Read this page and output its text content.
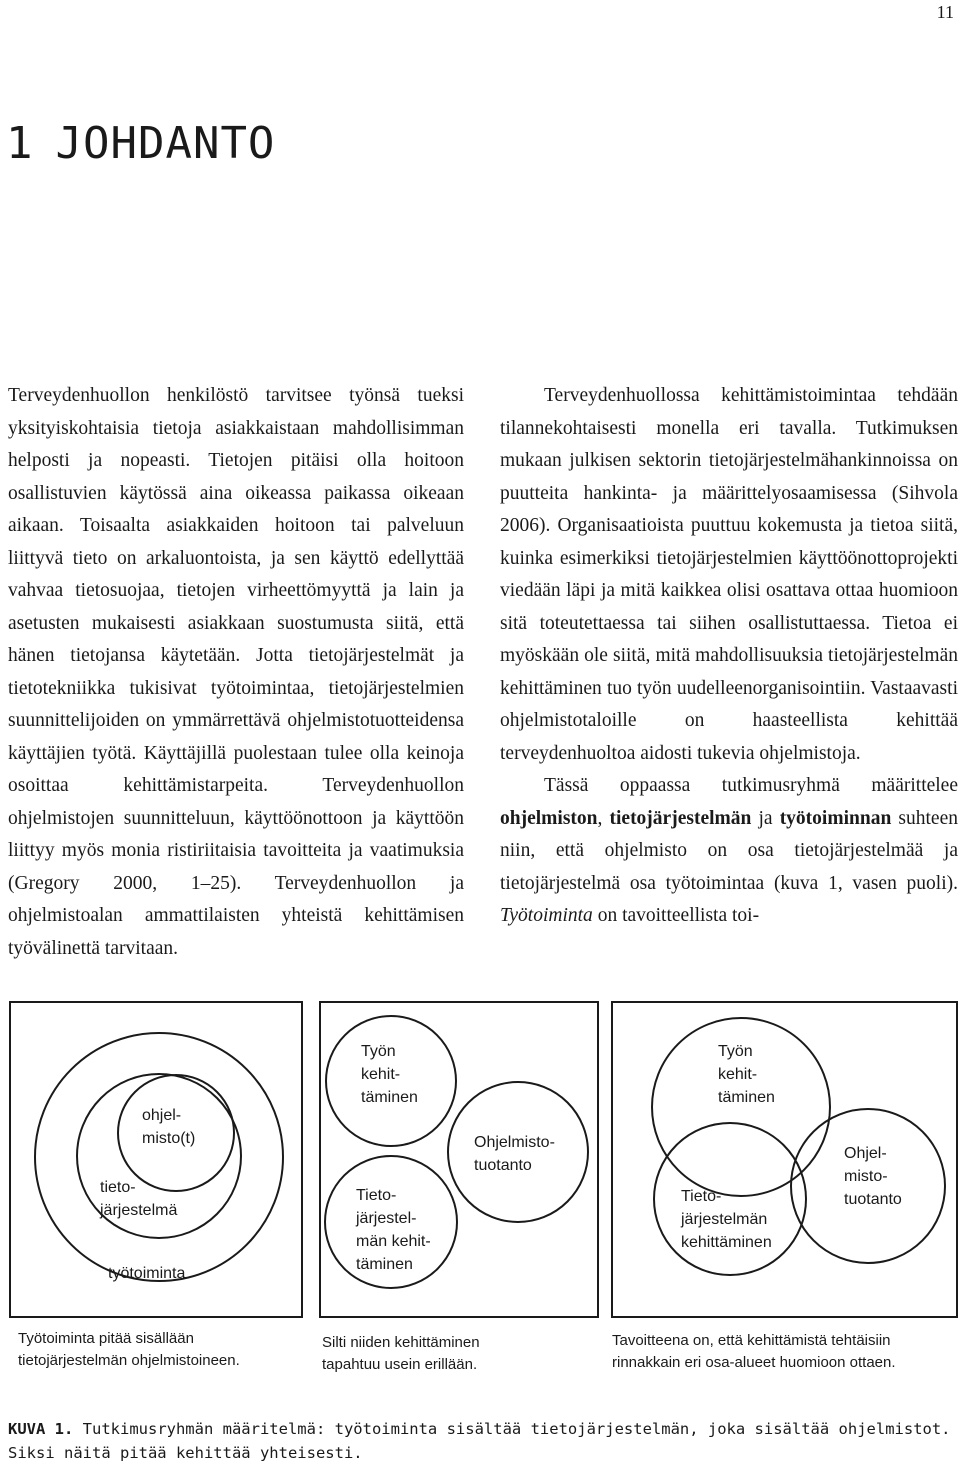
11
1 JOHDANTO

Terveydenhuollon henkilöstö tarvitsee työnsä tueksi yksityiskohtaisia tietoja asiakkaistaan mahdollisimman helposti ja nopeasti. Tietojen pitäisi olla hoitoon osallistuvien käytössä aina oikeassa paikassa oikeaan aikaan. Toisaalta asiakkaiden hoitoon tai palveluun liittyvä tieto on arkaluontoista, ja sen käyttö edellyttää vahvaa tietosuojaa, tietojen virheettömyyttä ja lain ja asetusten mukaisesti asiakkaan suostumusta siitä, että hänen tietojansa käytetään. Jotta tietojärjestelmät ja tietotekniikka tukisivat työtoimintaa, tietojärjestelmien suunnittelijoiden on ymmärrettävä ohjelmistotuotteidensa käyttäjien työtä. Käyttäjillä puolestaan tulee olla keinoja osoittaa kehittämistarpeita. Terveydenhuollon ohjelmistojen suunnitteluun, käyttöönottoon ja käyttöön liittyy myös monia ristiriitaisia tavoitteita ja vaatimuksia (Gregory 2000, 1–25). Terveydenhuollon ja ohjelmistoalan ammattilaisten yhteistä kehittämisen työvälinettä tarvitaan.

Terveydenhuollossa kehittämistoimintaa tehdään tilannekohtaisesti monella eri tavalla. Tutkimuksen mukaan julkisen sektorin tietojärjestelmähankinnoissa on puutteita hankinta- ja määrittelyosaamisessa (Sihvola 2006). Organisaatioista puuttuu kokemusta ja tietoa siitä, kuinka esimerkiksi tietojärjestelmien käyttöönottoprojekti viedään läpi ja mitä kaikkea olisi osattava ottaa huomioon sitä toteutettaessa tai siihen osallistuttaessa. Tietoa ei myöskään ole siitä, mitä mahdollisuuksia tietojärjestelmän kehittäminen tuo työn uudelleenorganisointiin. Vastaavasti ohjelmistotaloille on haasteellista kehittää terveydenhuoltoa aidosti tukevia ohjelmistoja.

Tässä oppaassa tutkimusryhmä määrittelee ohjelmiston, tietojärjestelmän ja työtoiminnan suhteen niin, että ohjelmisto on osa tietojärjestelmää ja tietojärjestelmä osa työtoimintaa (kuva 1, vasen puoli). Työtoiminta on tavoitteellista toi-

ohjel-
misto(t)
tieto-
järjestelmä
työtoiminta
Työn
kehit-
täminen
Tieto-
järjestel-
män kehit-
täminen
Ohjelmisto-
tuotanto
Työn
kehit-
täminen
Tieto-
järjestelmän
kehittäminen
Ohjel-
misto-
tuotanto
Työtoiminta pitää sisällään
tietojärjestelmän ohjelmistoineen.
Silti niiden kehittäminen
tapahtuu usein erillään.
Tavoitteena on, että kehittämistä tehtäisiin
rinnakkain eri osa-alueet huomioon ottaen.
KUVA 1. Tutkimusryhmän määritelmä: työtoiminta sisältää tietojärjestelmän, joka sisältää ohjelmistot. Siksi näitä pitää kehittää yhteisesti.
